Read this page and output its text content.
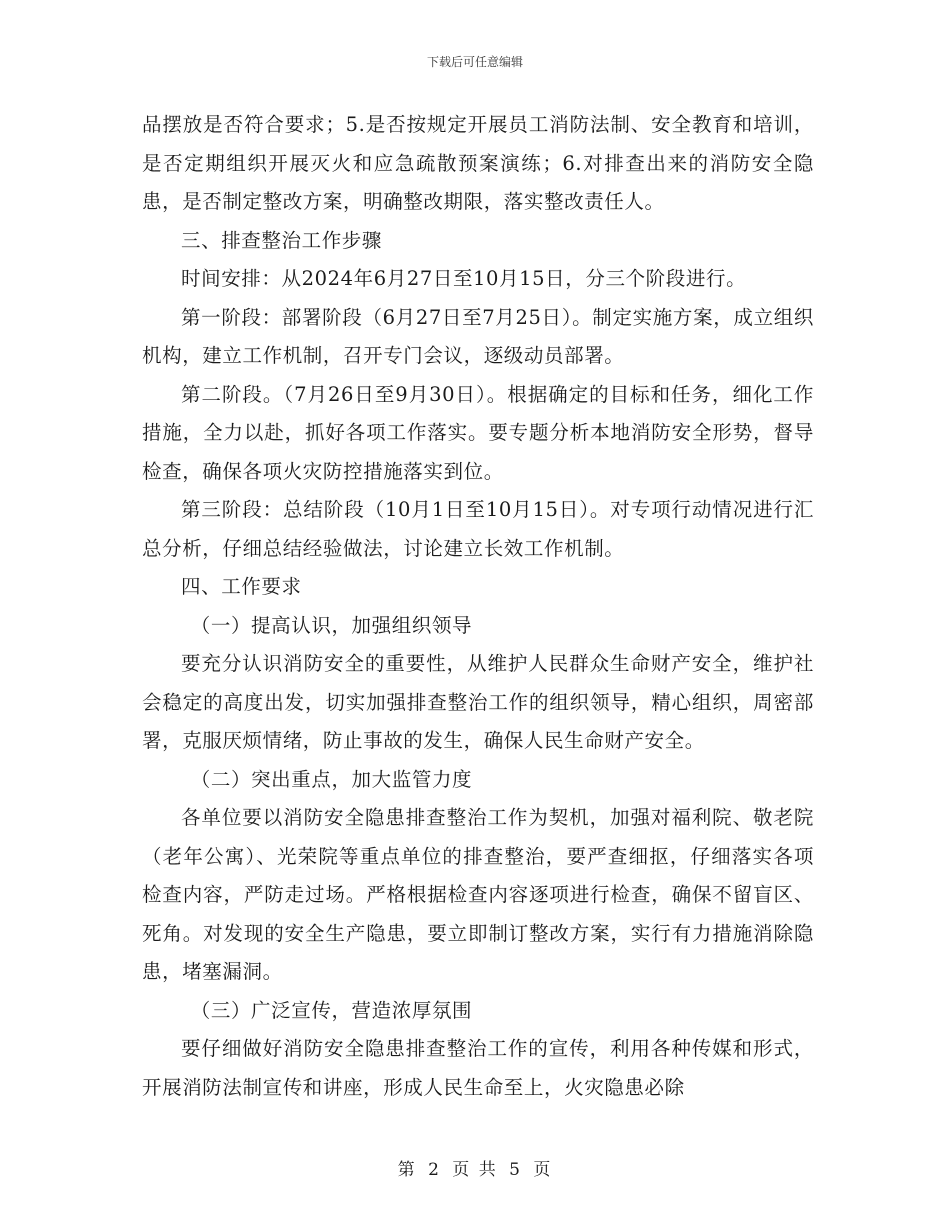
下载后可任意编辑

品摆放是否符合要求；5.是否按规定开展员工消防法制、安全教育和培训，是否定期组织开展灭火和应急疏散预案演练；6.对排查出来的消防安全隐患，是否制定整改方案，明确整改期限，落实整改责任人。

三、排查整治工作步骤

时间安排：从2024年6月27日至10月15日，分三个阶段进行。

第一阶段：部署阶段（6月27日至7月25日）。制定实施方案，成立组织机构，建立工作机制，召开专门会议，逐级动员部署。

第二阶段。（7月26日至9月30日）。根据确定的目标和任务，细化工作措施，全力以赴，抓好各项工作落实。要专题分析本地消防安全形势，督导检查，确保各项火灾防控措施落实到位。

第三阶段：总结阶段（10月1日至10月15日）。对专项行动情况进行汇总分析，仔细总结经验做法，讨论建立长效工作机制。

四、工作要求

（一）提高认识，加强组织领导

要充分认识消防安全的重要性，从维护人民群众生命财产安全，维护社会稳定的高度出发，切实加强排查整治工作的组织领导，精心组织，周密部署，克服厌烦情绪，防止事故的发生，确保人民生命财产安全。

（二）突出重点，加大监管力度

各单位要以消防安全隐患排查整治工作为契机，加强对福利院、敬老院（老年公寓）、光荣院等重点单位的排查整治，要严查细抠，仔细落实各项检查内容，严防走过场。严格根据检查内容逐项进行检查，确保不留盲区、死角。对发现的安全生产隐患，要立即制订整改方案，实行有力措施消除隐患，堵塞漏洞。

（三）广泛宣传，营造浓厚氛围

要仔细做好消防安全隐患排查整治工作的宣传，利用各种传媒和形式，开展消防法制宣传和讲座，形成人民生命至上，火灾隐患必除

第 2 页 共 5 页
